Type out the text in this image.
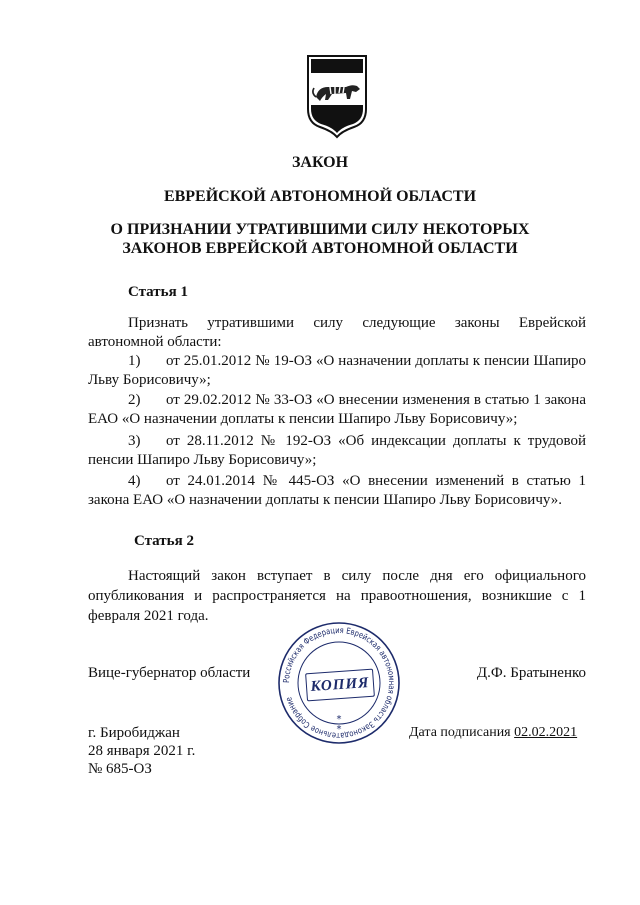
ЗАКОН
ЕВРЕЙСКОЙ АВТОНОМНОЙ ОБЛАСТИ
О ПРИЗНАНИИ УТРАТИВШИМИ СИЛУ НЕКОТОРЫХ ЗАКОНОВ ЕВРЕЙСКОЙ АВТОНОМНОЙ ОБЛАСТИ
Статья 1
Признать утратившими силу следующие законы Еврейской автономной области:
1) от 25.01.2012 № 19-ОЗ «О назначении доплаты к пенсии Шапиро Льву Борисовичу»;
2) от 29.02.2012 № 33-ОЗ «О внесении изменения в статью 1 закона ЕАО «О назначении доплаты к пенсии Шапиро Льву Борисовичу»;
3) от 28.11.2012 № 192-ОЗ «Об индексации доплаты к трудовой пенсии Шапиро Льву Борисовичу»;
4) от 24.01.2014 № 445-ОЗ «О внесении изменений в статью 1 закона ЕАО «О назначении доплаты к пенсии Шапиро Льву Борисовичу».
Статья 2
Настоящий закон вступает в силу после дня его официального опубликования и распространяется на правоотношения, возникшие с 1 февраля 2021 года.
Вице-губернатор области	Д.Ф. Братыненко
Российская Федерация Еврейская автономная область Законодательное Собрание
*
*
КОПИЯ
г. Биробиджан
28 января 2021 г.
№ 685-ОЗ
Дата подписания 02.02.2021
